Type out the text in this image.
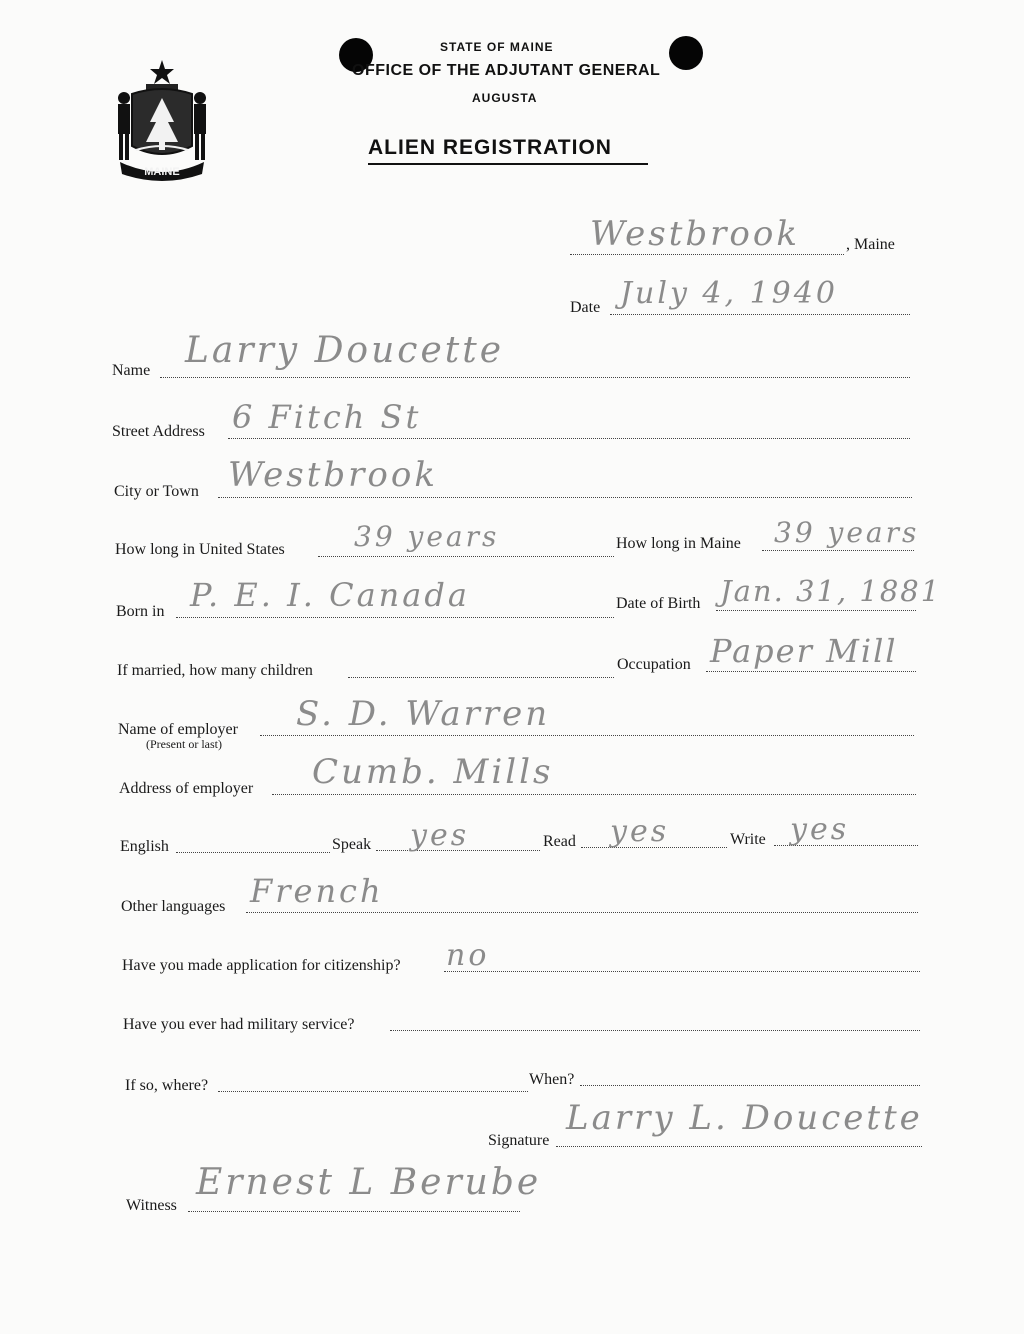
MAINE
STATE OF MAINE
OFFICE OF THE ADJUTANT GENERAL
AUGUSTA
ALIEN REGISTRATION
Westbrook	, Maine
Date July 4, 1940
Name Larry Doucette
Street Address 6 Fitch St
City or Town Westbrook
How long in United States 39 years	How long in Maine 39 years
Born in P. E. I. Canada	Date of Birth Jan. 31, 1881
If married, how many children	Occupation Paper Mill
Name of employer
(Present or last)
S. D. Warren
Address of employer Cumb. Mills
English	Speak yes	Read yes	Write yes
Other languages French
Have you made application for citizenship? no
Have you ever had military service?
If so, where?	When?
Signature
Larry L. Doucette
Witness
Ernest L Berube
